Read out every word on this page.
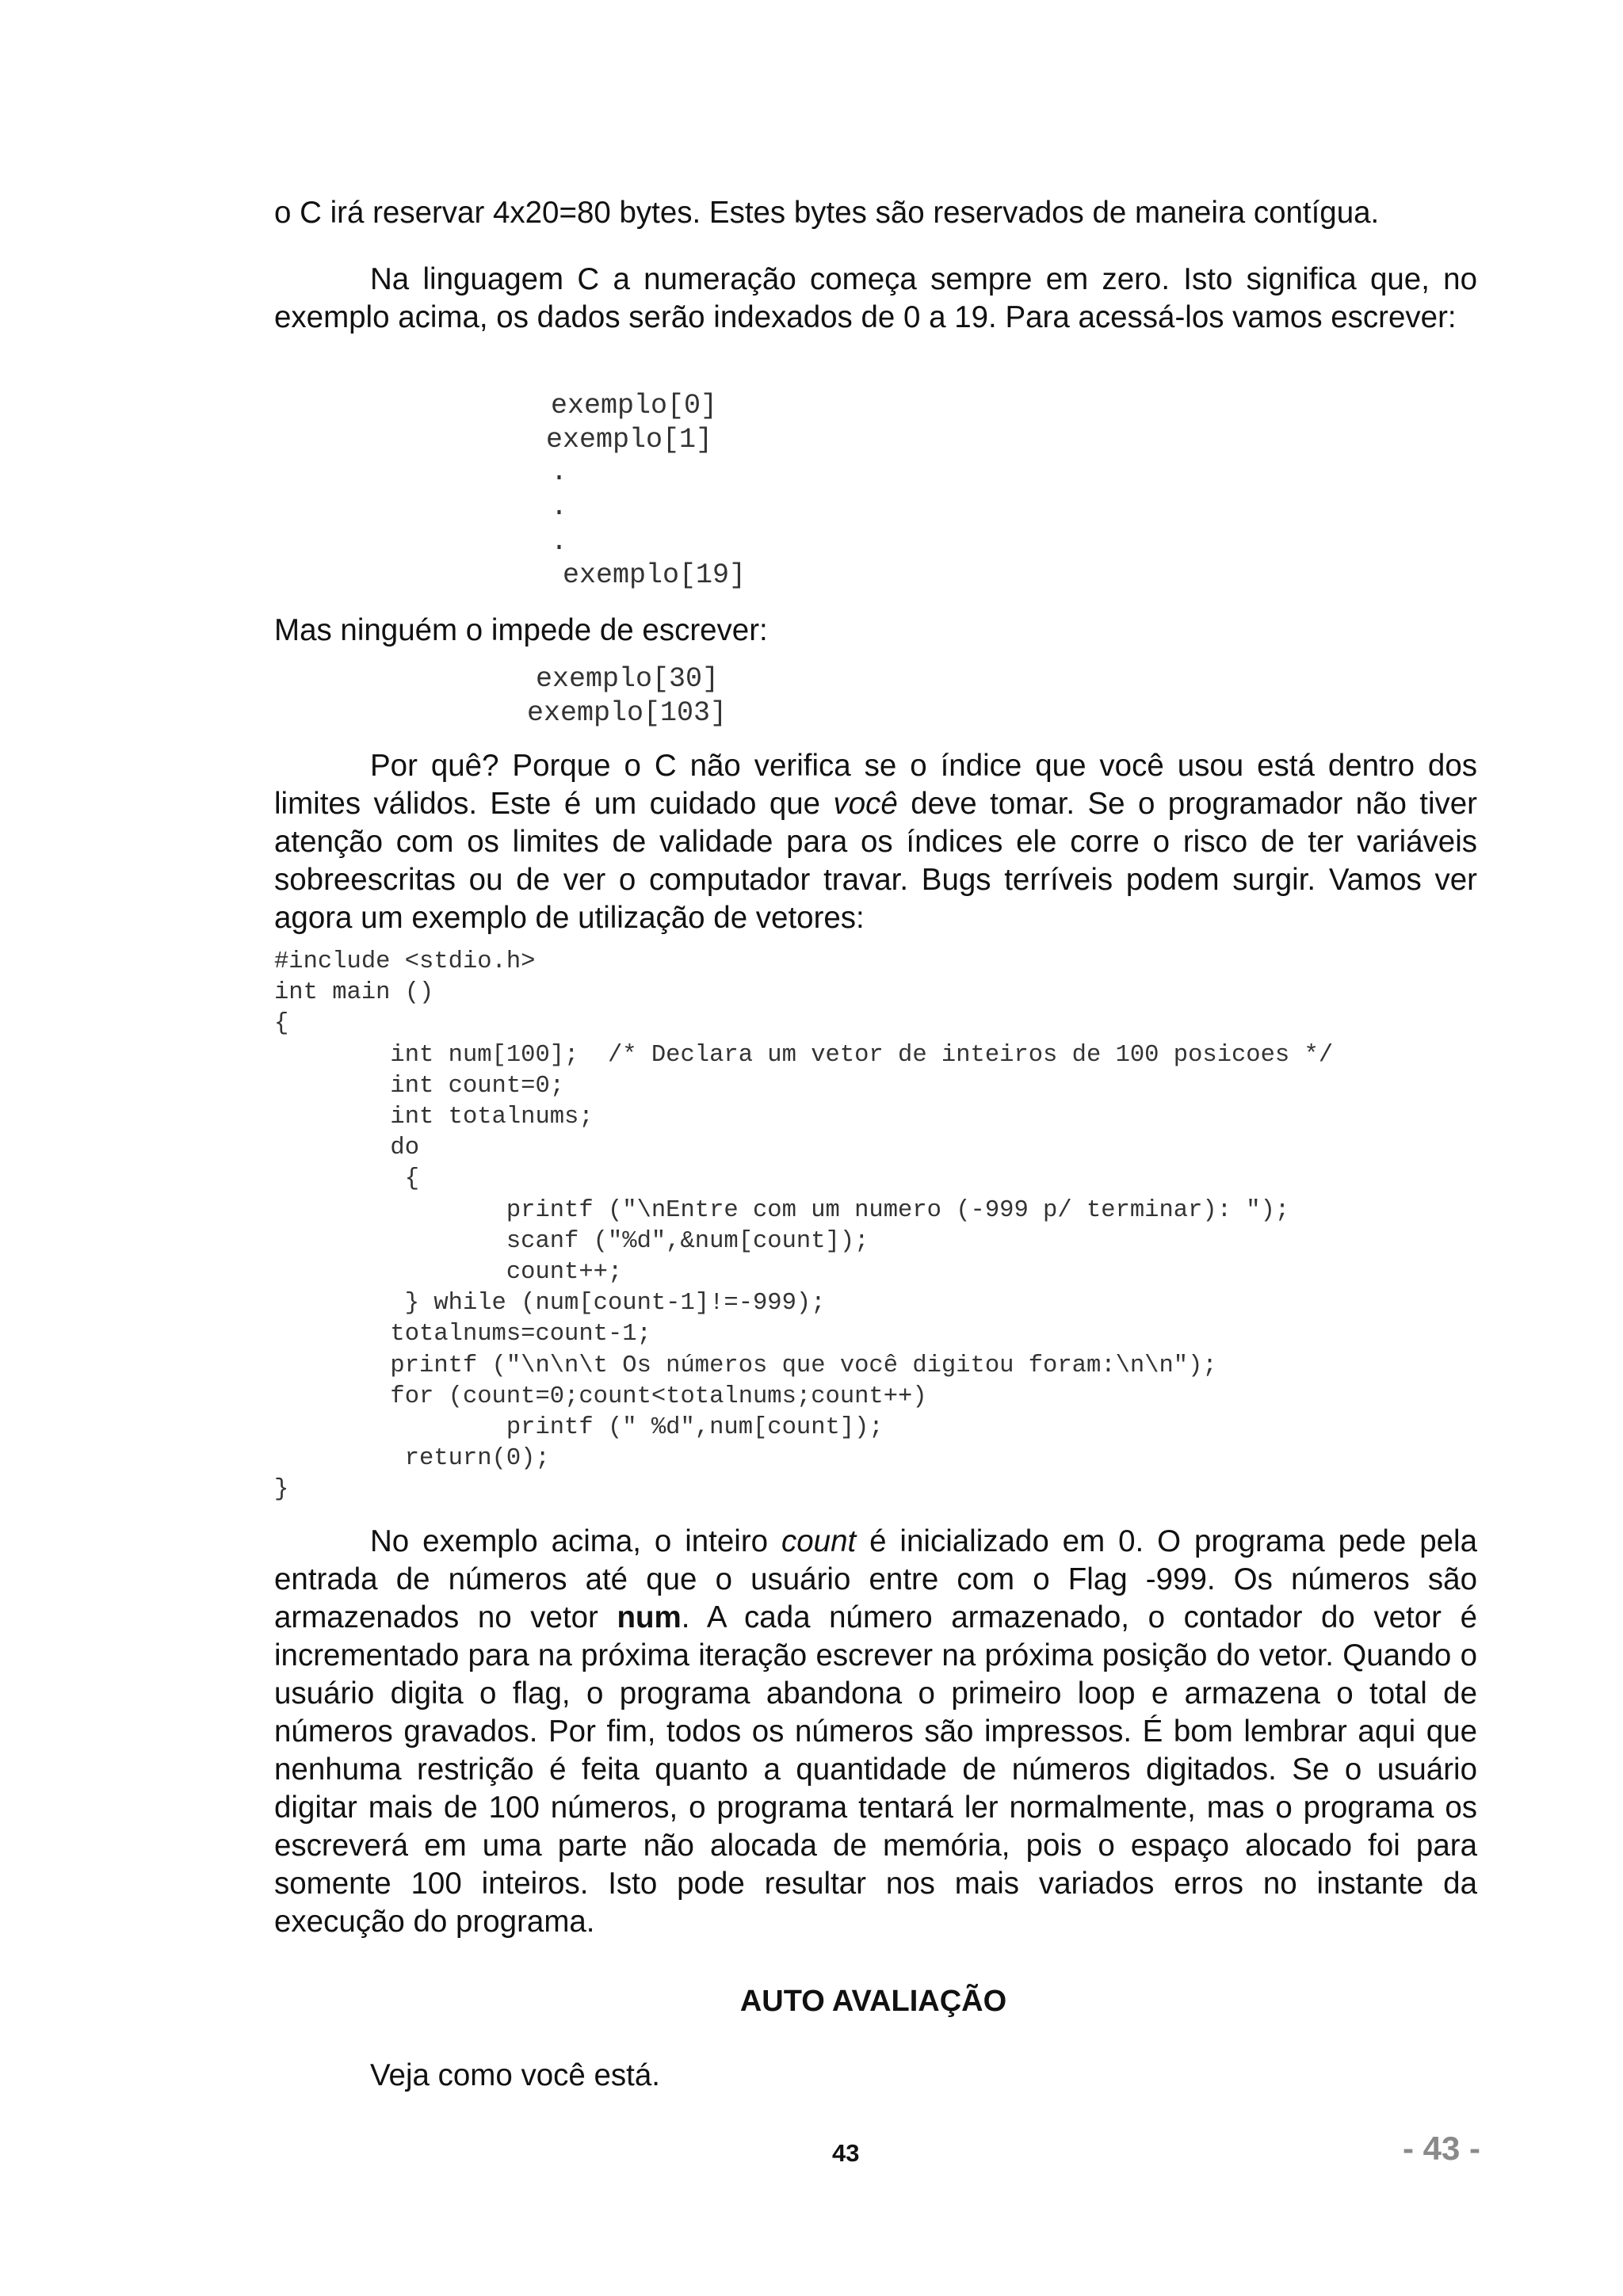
o C irá reservar 4x20=80 bytes. Estes bytes são reservados de maneira contígua.

Na linguagem C a numeração começa sempre em zero. Isto significa que, no exemplo acima, os dados serão indexados de 0 a 19. Para acessá-los vamos escrever:

exemplo[0]
exemplo[1]
.
.
.
exemplo[19]

Mas ninguém o impede de escrever:

exemplo[30]
exemplo[103]

Por quê? Porque o C não verifica se o índice que você usou está dentro dos limites válidos. Este é um cuidado que você deve tomar. Se o programador não tiver atenção com os limites de validade para os índices ele corre o risco de ter variáveis sobreescritas ou de ver o computador travar. Bugs terríveis podem surgir. Vamos ver agora um exemplo de utilização de vetores:

#include <stdio.h>
int main ()
{
int num[100];  /* Declara um vetor de inteiros de 100 posicoes */
int count=0;
int totalnums;
do
{
printf ("\nEntre com um numero (-999 p/ terminar): ");
scanf ("%d",&num[count]);
count++;
} while (num[count-1]!=-999);
totalnums=count-1;
printf ("\n\n\t Os números que você digitou foram:\n\n");
for (count=0;count<totalnums;count++)
printf (" %d",num[count]);
return(0);
}

No exemplo acima, o inteiro count é inicializado em 0. O programa pede pela entrada de números até que o usuário entre com o Flag -999. Os números são armazenados no vetor num. A cada número armazenado, o contador do vetor é incrementado para na próxima iteração escrever na próxima posição do vetor. Quando o usuário digita o flag, o programa abandona o primeiro loop e armazena o total de números gravados. Por fim, todos os números são impressos. É bom lembrar aqui que nenhuma restrição é feita quanto a quantidade de números digitados. Se o usuário digitar mais de 100 números, o programa tentará ler normalmente, mas o programa os escreverá em uma parte não alocada de memória, pois o espaço alocado foi para somente 100 inteiros. Isto pode resultar nos mais variados erros no instante da execução do programa.

AUTO AVALIAÇÃO

Veja como você está.

43	- 43 -
